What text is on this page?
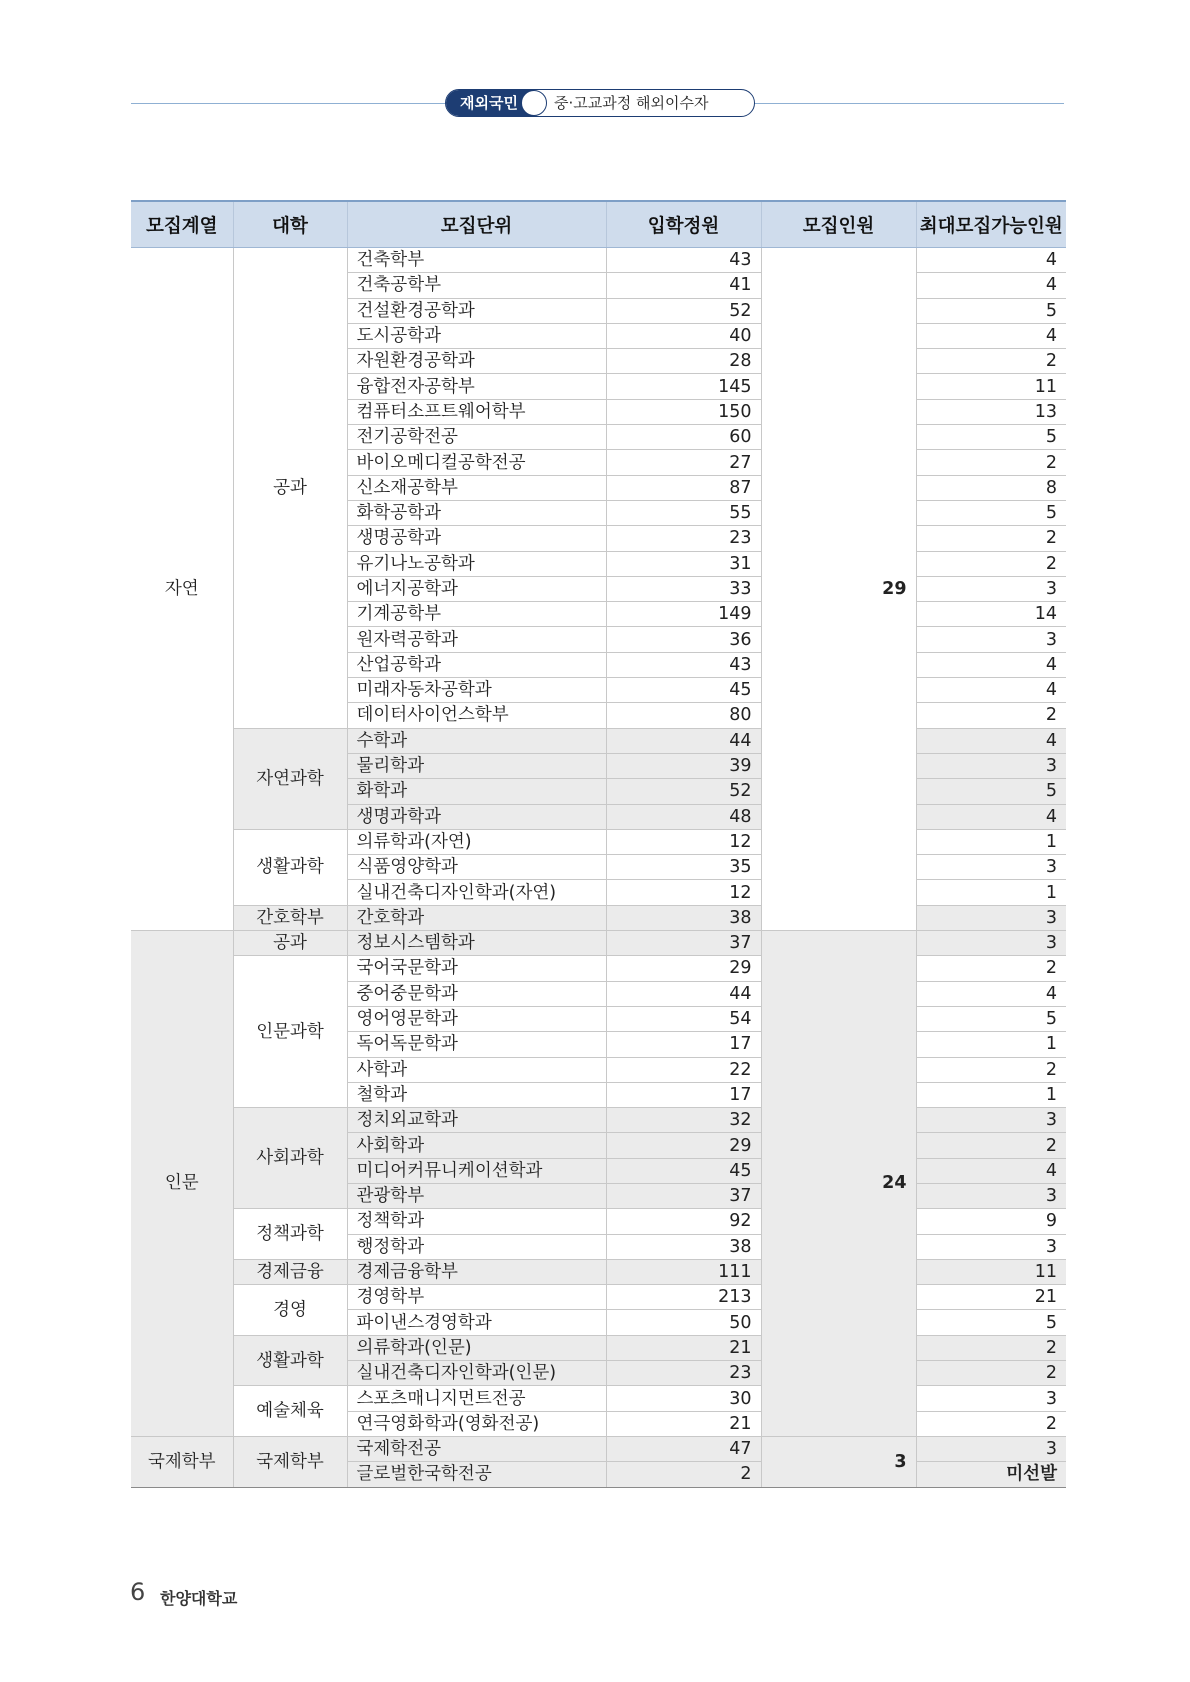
재외국민	중·고교과정 해외이수자
모집계열	대학	모집단위	입학정원	모집인원	최대모집가능인원
자연	공과	건축학부	43	29	4
		건축공학부	41		4
		건설환경공학과	52		5
		도시공학과	40		4
		자원환경공학과	28		2
		융합전자공학부	145		11
		컴퓨터소프트웨어학부	150		13
		전기공학전공	60		5
		바이오메디컬공학전공	27		2
		신소재공학부	87		8
		화학공학과	55		5
		생명공학과	23		2
		유기나노공학과	31		2
		에너지공학과	33		3
		기계공학부	149		14
		원자력공학과	36		3
		산업공학과	43		4
		미래자동차공학과	45		4
		데이터사이언스학부	80		2
	자연과학	수학과	44		4
		물리학과	39		3
		화학과	52		5
		생명과학과	48		4
	생활과학	의류학과(자연)	12		1
		식품영양학과	35		3
		실내건축디자인학과(자연)	12		1
	간호학부	간호학과	38		3
인문	공과	정보시스템학과	37	24	3
	인문과학	국어국문학과	29		2
		중어중문학과	44		4
		영어영문학과	54		5
		독어독문학과	17		1
		사학과	22		2
		철학과	17		1
	사회과학	정치외교학과	32		3
		사회학과	29		2
		미디어커뮤니케이션학과	45		4
		관광학부	37		3
	정책과학	정책학과	92		9
		행정학과	38		3
	경제금융	경제금융학부	111		11
	경영	경영학부	213		21
		파이낸스경영학과	50		5
	생활과학	의류학과(인문)	21		2
		실내건축디자인학과(인문)	23		2
	예술체육	스포츠매니지먼트전공	30		3
		연극영화학과(영화전공)	21		2
국제학부	국제학부	국제학전공	47	3	3
		글로벌한국학전공	2		미선발
6 한양대학교
